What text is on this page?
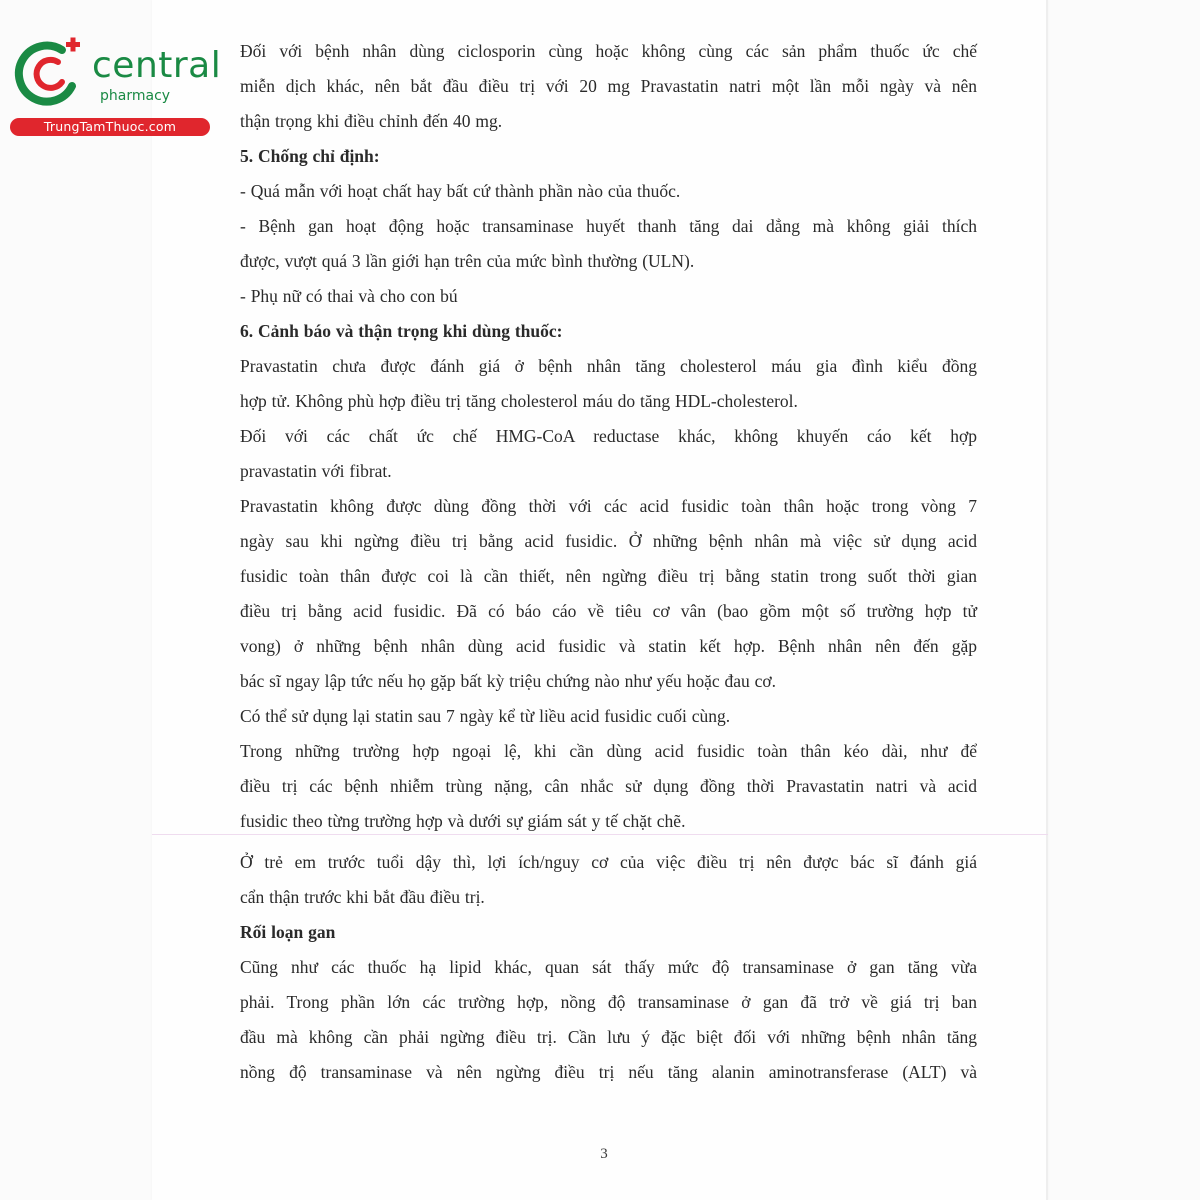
central
pharmacy
TrungTamThuoc.com
Đối với bệnh nhân dùng ciclosporin cùng hoặc không cùng các sản phẩm thuốc ức chế
miễn dịch khác, nên bắt đầu điều trị với 20 mg Pravastatin natri một lần mỗi ngày và nên
thận trọng khi điều chỉnh đến 40 mg.
5. Chống chỉ định:
- Quá mẫn với hoạt chất hay bất cứ thành phần nào của thuốc.
- Bệnh gan hoạt động hoặc transaminase huyết thanh tăng dai dẳng mà không giải thích
được, vượt quá 3 lần giới hạn trên của mức bình thường (ULN).
- Phụ nữ có thai và cho con bú
6. Cảnh báo và thận trọng khi dùng thuốc:
Pravastatin chưa được đánh giá ở bệnh nhân tăng cholesterol máu gia đình kiểu đồng
hợp tử. Không phù hợp điều trị tăng cholesterol máu do tăng HDL-cholesterol.
Đối với các chất ức chế HMG-CoA reductase khác, không khuyến cáo kết hợp
pravastatin với fibrat.
Pravastatin không được dùng đồng thời với các acid fusidic toàn thân hoặc trong vòng 7
ngày sau khi ngừng điều trị bằng acid fusidic. Ở những bệnh nhân mà việc sử dụng acid
fusidic toàn thân được coi là cần thiết, nên ngừng điều trị bằng statin trong suốt thời gian
điều trị bằng acid fusidic. Đã có báo cáo về tiêu cơ vân (bao gồm một số trường hợp tử
vong) ở những bệnh nhân dùng acid fusidic và statin kết hợp. Bệnh nhân nên đến gặp
bác sĩ ngay lập tức nếu họ gặp bất kỳ triệu chứng nào như yếu hoặc đau cơ.
Có thể sử dụng lại statin sau 7 ngày kể từ liều acid fusidic cuối cùng.
Trong những trường hợp ngoại lệ, khi cần dùng acid fusidic toàn thân kéo dài, như để
điều trị các bệnh nhiễm trùng nặng, cân nhắc sử dụng đồng thời Pravastatin natri và acid
fusidic theo từng trường hợp và dưới sự giám sát y tế chặt chẽ.
Ở trẻ em trước tuổi dậy thì, lợi ích/nguy cơ của việc điều trị nên được bác sĩ đánh giá
cẩn thận trước khi bắt đầu điều trị.
Rối loạn gan
Cũng như các thuốc hạ lipid khác, quan sát thấy mức độ transaminase ở gan tăng vừa
phải. Trong phần lớn các trường hợp, nồng độ transaminase ở gan đã trở về giá trị ban
đầu mà không cần phải ngừng điều trị. Cần lưu ý đặc biệt đối với những bệnh nhân tăng
nồng độ transaminase và nên ngừng điều trị nếu tăng alanin aminotransferase (ALT) và
3
